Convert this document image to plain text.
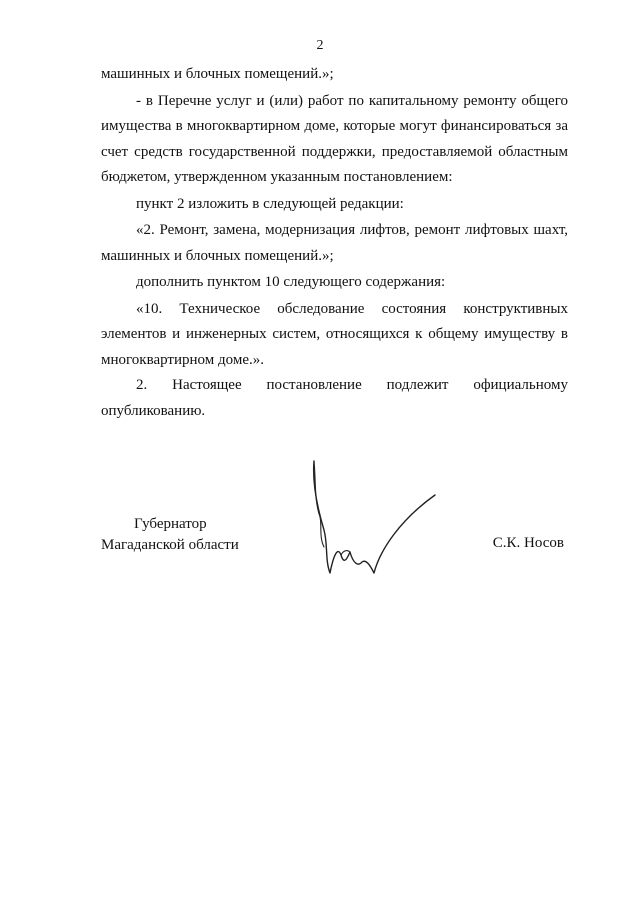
2

машинных и блочных помещений.»;

- в Перечне услуг и (или) работ по капитальному ремонту общего имущества в многоквартирном доме, которые могут финансироваться за счет средств государственной поддержки, предоставляемой областным бюджетом, утвержденном указанным постановлением:

пункт 2 изложить в следующей редакции:

«2. Ремонт, замена, модернизация лифтов, ремонт лифтовых шахт, машинных и блочных помещений.»;

дополнить пунктом 10 следующего содержания:

«10. Техническое обследование состояния конструктивных элементов и инженерных систем, относящихся к общему имуществу в многоквартирном доме.».

2. Настоящее постановление подлежит официальному

опубликованию.

Губернатор
Магаданской области	С.К. Носов
